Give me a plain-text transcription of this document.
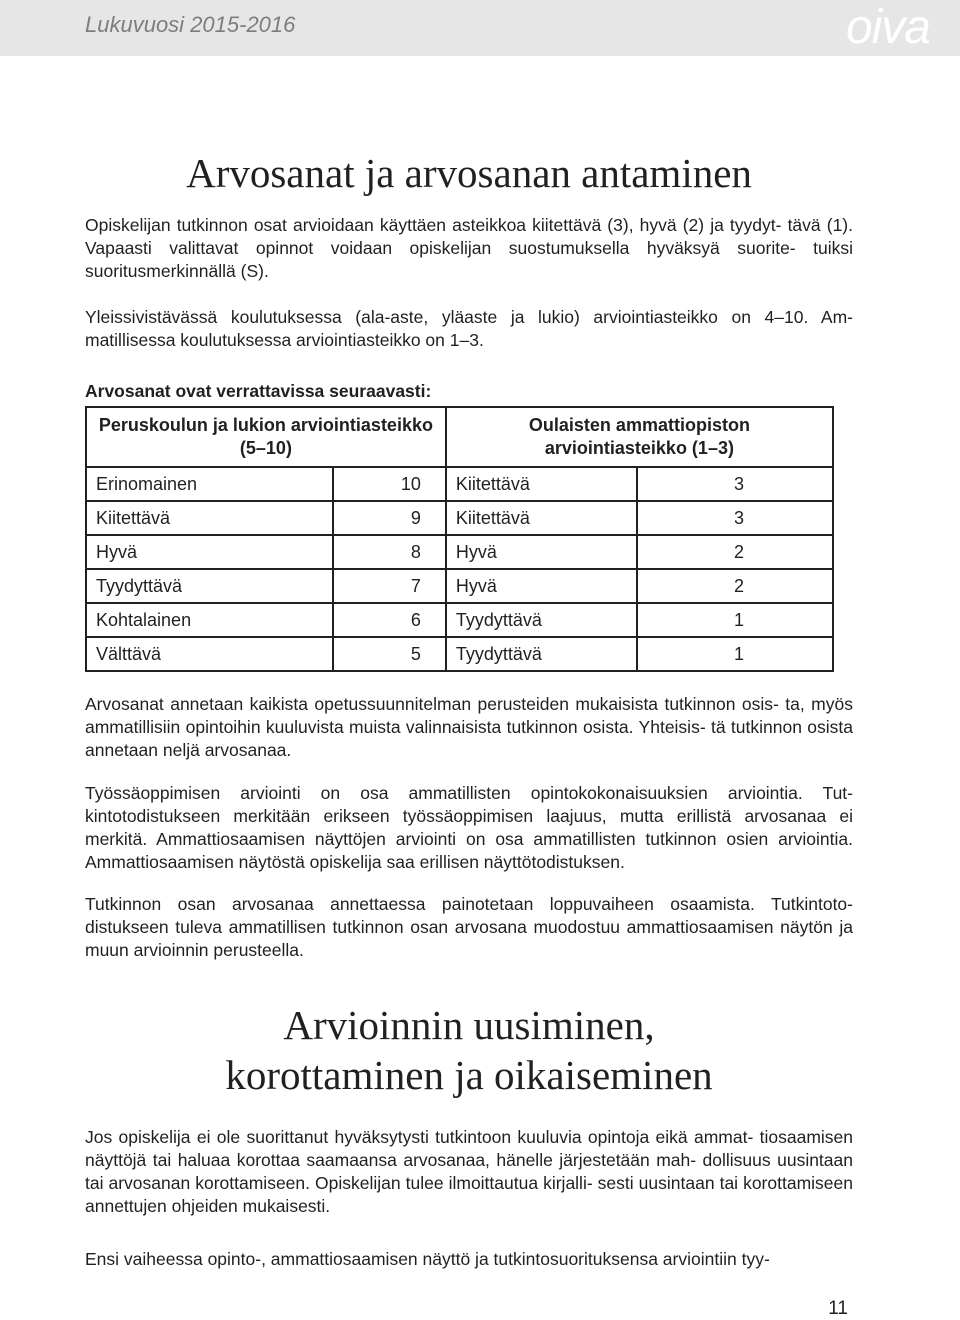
Lukuvuosi 2015-2016	oiva
Arvosanat ja arvosanan antaminen

Opiskelijan tutkinnon osat arvioidaan käyttäen asteikkoa kiitettävä (3), hyvä (2) ja tyydyt- tävä (1). Vapaasti valittavat opinnot voidaan opiskelijan suostumuksella hyväksyä suorite- tuiksi suoritusmerkinnällä (S).

Yleissivistävässä koulutuksessa (ala-aste, yläaste ja lukio) arviointiasteikko on 4–10. Am- matillisessa koulutuksessa arviointiasteikko on 1–3.

Arvosanat ovat verrattavissa seuraavasti:

Peruskoulun ja lukion arviointiasteikko (5–10)		Oulaisten ammattiopiston arviointiasteikko (1–3)	
Erinomainen	10	Kiitettävä	3
Kiitettävä	9	Kiitettävä	3
Hyvä	8	Hyvä	2
Tyydyttävä	7	Hyvä	2
Kohtalainen	6	Tyydyttävä	1
Välttävä	5	Tyydyttävä	1

Arvosanat annetaan kaikista opetussuunnitelman perusteiden mukaisista tutkinnon osis- ta, myös ammatillisiin opintoihin kuuluvista muista valinnaisista tutkinnon osista. Yhteisis- tä tutkinnon osista annetaan neljä arvosanaa.

Työssäoppimisen arviointi on osa ammatillisten opintokokonaisuuksien arviointia. Tut- kintotodistukseen merkitään erikseen työssäoppimisen laajuus, mutta erillistä arvosanaa ei merkitä. Ammattiosaamisen näyttöjen arviointi on osa ammatillisten tutkinnon osien arviointia. Ammattiosaamisen näytöstä opiskelija saa erillisen näyttötodistuksen.

Tutkinnon osan arvosanaa annettaessa painotetaan loppuvaiheen osaamista. Tutkintoto- distukseen tuleva ammatillisen tutkinnon osan arvosana muodostuu ammattiosaamisen näytön ja muun arvioinnin perusteella.

Arvioinnin uusiminen,
korottaminen ja oikaiseminen

Jos opiskelija ei ole suorittanut hyväksytysti tutkintoon kuuluvia opintoja eikä ammat- tiosaamisen näyttöjä tai haluaa korottaa saamaansa arvosanaa, hänelle järjestetään mah- dollisuus uusintaan tai arvosanan korottamiseen. Opiskelijan tulee ilmoittautua kirjalli- sesti uusintaan tai korottamiseen annettujen ohjeiden mukaisesti.

Ensi vaiheessa opinto-, ammattiosaamisen näyttö ja tutkintosuorituksensa arviointiin tyy-

11
